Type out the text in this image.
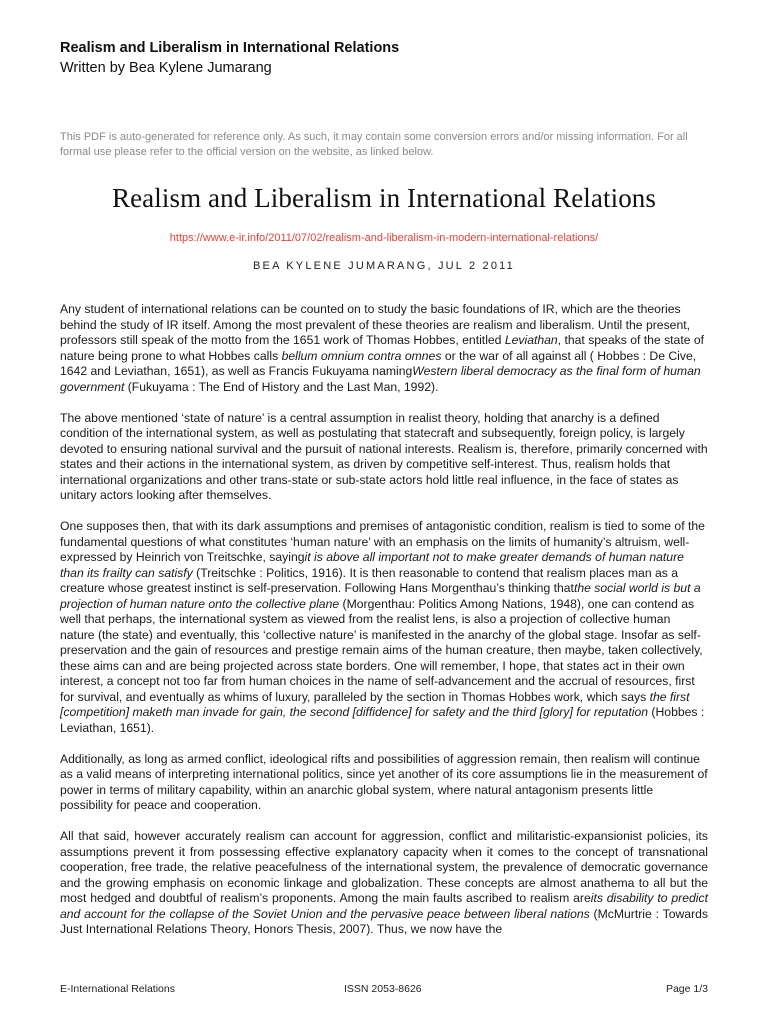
Realism and Liberalism in International Relations
Written by Bea Kylene Jumarang
This PDF is auto-generated for reference only. As such, it may contain some conversion errors and/or missing information. For all formal use please refer to the official version on the website, as linked below.
Realism and Liberalism in International Relations
https://www.e-ir.info/2011/07/02/realism-and-liberalism-in-modern-international-relations/
BEA KYLENE JUMARANG, JUL 2 2011

Any student of international relations can be counted on to study the basic foundations of IR, which are the theories behind the study of IR itself. Among the most prevalent of these theories are realism and liberalism. Until the present, professors still speak of the motto from the 1651 work of Thomas Hobbes, entitled Leviathan, that speaks of the state of nature being prone to what Hobbes calls bellum omnium contra omnes or the war of all against all ( Hobbes : De Cive, 1642 and Leviathan, 1651), as well as Francis Fukuyama namingWestern liberal democracy as the final form of human government (Fukuyama : The End of History and the Last Man, 1992).

The above mentioned ‘state of nature’ is a central assumption in realist theory, holding that anarchy is a defined condition of the international system, as well as postulating that statecraft and subsequently, foreign policy, is largely devoted to ensuring national survival and the pursuit of national interests. Realism is, therefore, primarily concerned with states and their actions in the international system, as driven by competitive self-interest. Thus, realism holds that international organizations and other trans-state or sub-state actors hold little real influence, in the face of states as unitary actors looking after themselves.

One supposes then, that with its dark assumptions and premises of antagonistic condition, realism is tied to some of the fundamental questions of what constitutes ‘human nature’ with an emphasis on the limits of humanity’s altruism, well-expressed by Heinrich von Treitschke, sayingit is above all important not to make greater demands of human nature than its frailty can satisfy (Treitschke : Politics, 1916). It is then reasonable to contend that realism places man as a creature whose greatest instinct is self-preservation. Following Hans Morgenthau’s thinking thatthe social world is but a projection of human nature onto the collective plane (Morgenthau: Politics Among Nations, 1948), one can contend as well that perhaps, the international system as viewed from the realist lens, is also a projection of collective human nature (the state) and eventually, this ‘collective nature’ is manifested in the anarchy of the global stage. Insofar as self-preservation and the gain of resources and prestige remain aims of the human creature, then maybe, taken collectively, these aims can and are being projected across state borders. One will remember, I hope, that states act in their own interest, a concept not too far from human choices in the name of self-advancement and the accrual of resources, first for survival, and eventually as whims of luxury, paralleled by the section in Thomas Hobbes work, which says the first [competition] maketh man invade for gain, the second [diffidence] for safety and the third [glory] for reputation (Hobbes : Leviathan, 1651).

Additionally, as long as armed conflict, ideological rifts and possibilities of aggression remain, then realism will continue as a valid means of interpreting international politics, since yet another of its core assumptions lie in the measurement of power in terms of military capability, within an anarchic global system, where natural antagonism presents little possibility for peace and cooperation.

All that said, however accurately realism can account for aggression, conflict and militaristic-expansionist policies, its assumptions prevent it from possessing effective explanatory capacity when it comes to the concept of transnational cooperation, free trade, the relative peacefulness of the international system, the prevalence of democratic governance and the growing emphasis on economic linkage and globalization. These concepts are almost anathema to all but the most hedged and doubtful of realism’s proponents. Among the main faults ascribed to realism areits disability to predict and account for the collapse of the Soviet Union and the pervasive peace between liberal nations (McMurtrie : Towards Just International Relations Theory, Honors Thesis, 2007). Thus, we now have the

E-International Relations	ISSN 2053-8626	Page 1/3
